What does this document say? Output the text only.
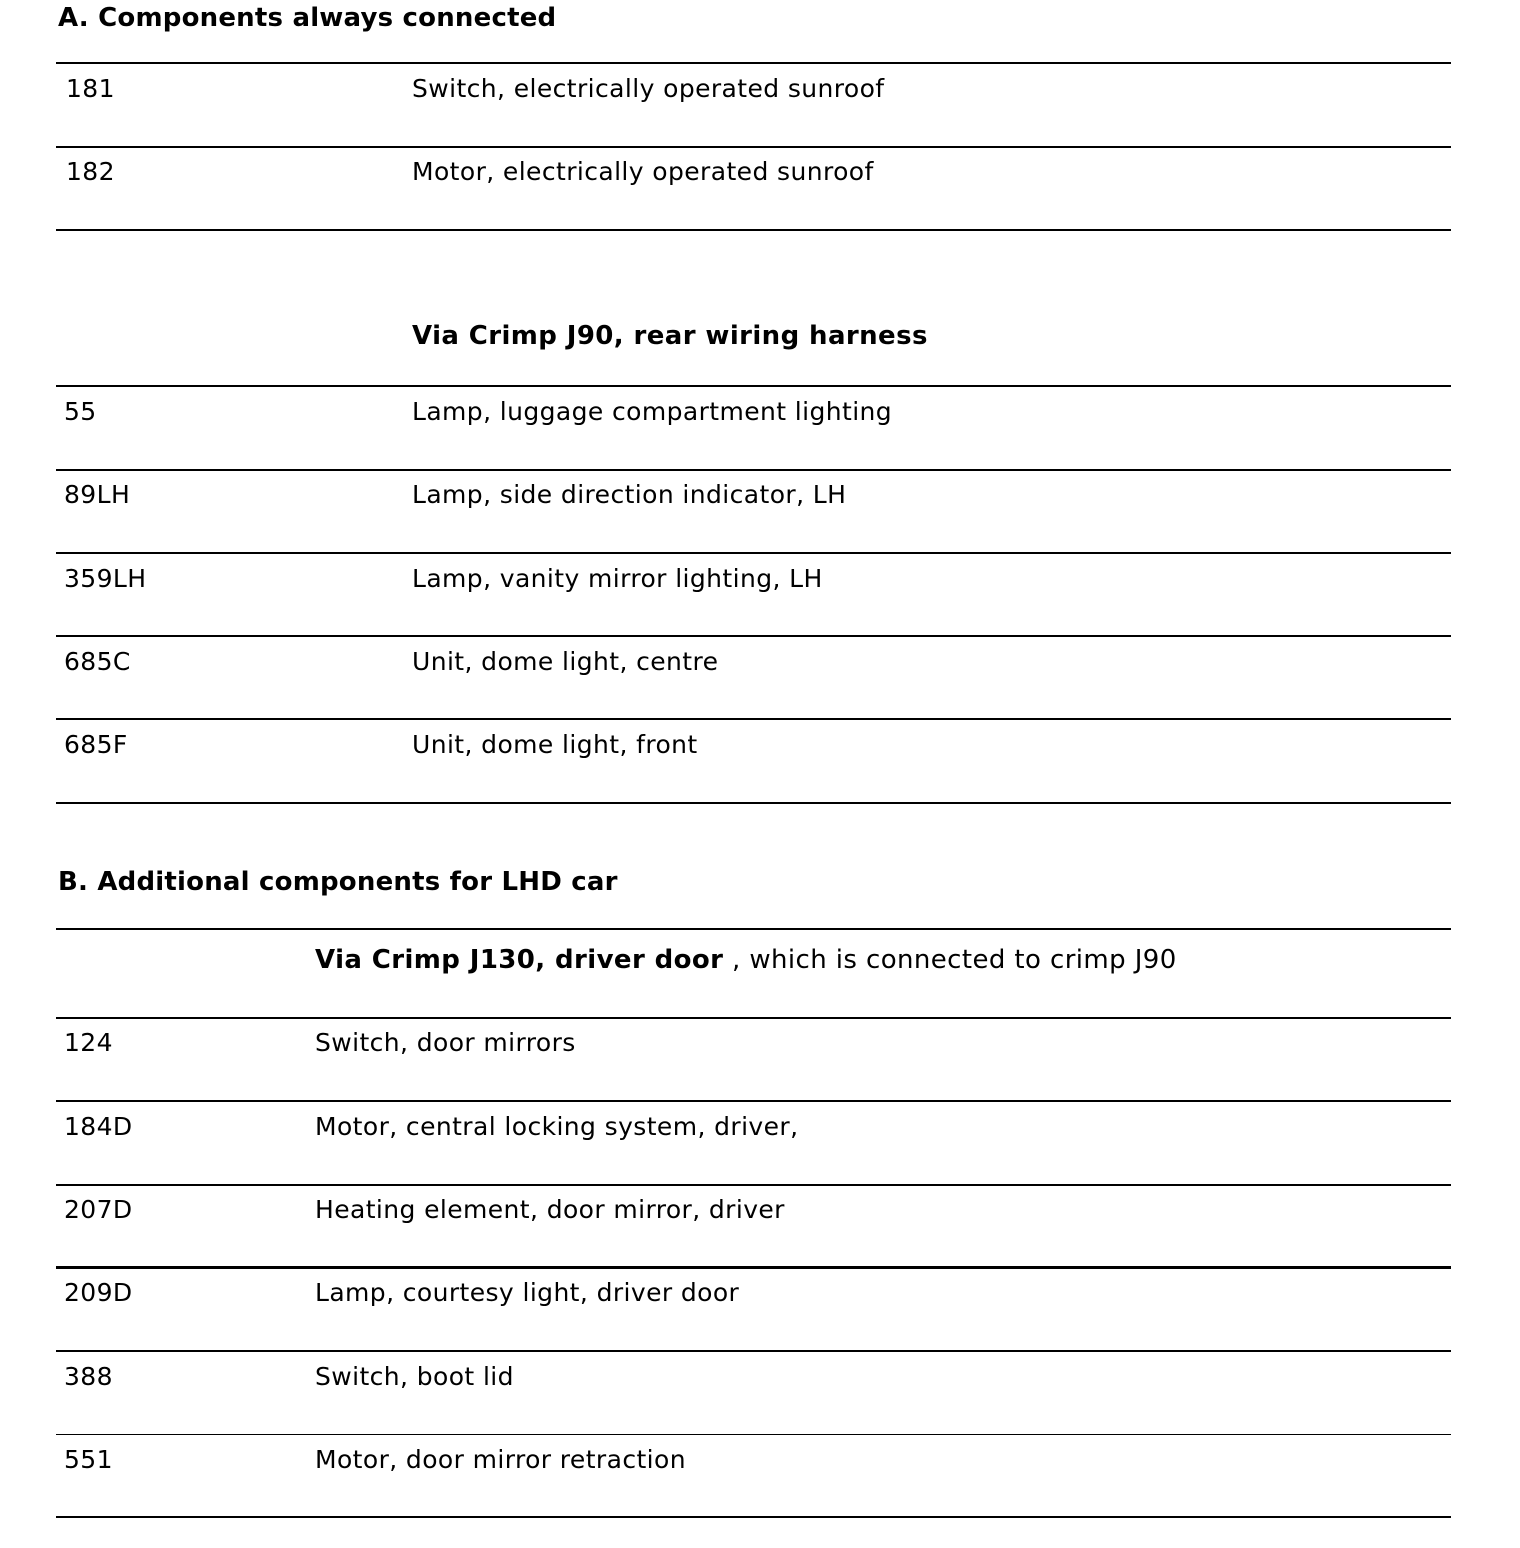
A. Components always connected
181	Switch, electrically operated sunroof
182	Motor, electrically operated sunroof
Via Crimp J90, rear wiring harness
55	Lamp, luggage compartment lighting
89LH	Lamp, side direction indicator, LH
359LH	Lamp, vanity mirror lighting, LH
685C	Unit, dome light, centre
685F	Unit, dome light, front
B. Additional components for LHD car
Via Crimp J130, driver door , which is connected to crimp J90
124	Switch, door mirrors
184D	Motor, central locking system, driver,
207D	Heating element, door mirror, driver
209D	Lamp, courtesy light, driver door
388	Switch, boot lid
551	Motor, door mirror retraction
